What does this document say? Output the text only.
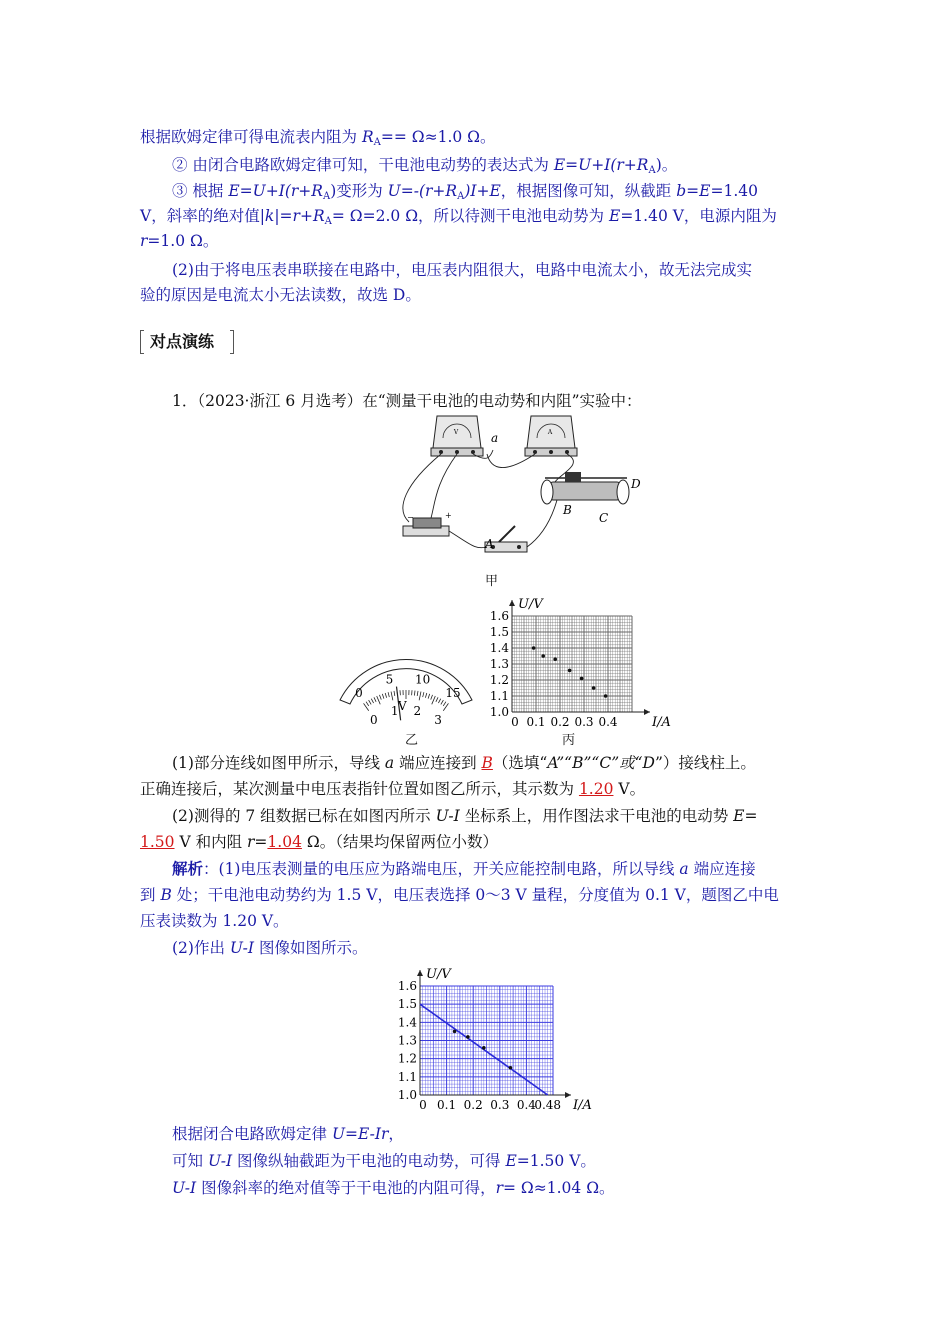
根据欧姆定律可得电流表内阻为 $R_A== \Omega\approx 1.0$ Ω。
② 由闭合电路欧姆定律可知，干电池电动势的表达式为 $E=U+I(r+R_A)$。
③ 根据 $E=U+I(r+R_A)$变形为 $U=-(r+R_A)I+E$，根据图像可知，纵截距 b=E=1.40
V，斜率的绝对值$|k|=r+R_A= \Omega=2.0$ Ω，所以待测干电池电动势为 E=1.40 V，电源内阻为
r=1.0 Ω。
(2)由于将电压表串联接在电路中，电压表内阻很大，电路中电流太小，故无法完成实
验的原因是电流太小无法读数，故选 D。
对点演练
1．（2023·浙江 6 月选考）在“测量干电池的电动势和内阻”实验中：
V	A
−	+
a
A
B
C
D
甲
0
5 10
15
0
1 2
3
V
乙
1.1
1.2
1.3
1.4
1.5
1.6
1.0
0 0.1 0.2 0.3 0.4	I/A
U/V
丙
(1)部分连线如图甲所示，导线 a 端应连接到 B（选填“A”“B”“C”或“D”）接线柱上。
正确连接后，某次测量中电压表指针位置如图乙所示，其示数为 1.20 V。
(2)测得的 7 组数据已标在如图丙所示 U-I 坐标系上，用作图法求干电池的电动势 E=
1.50 V 和内阻 r=1.04 Ω。（结果均保留两位小数）
解析：(1)电压表测量的电压应为路端电压，开关应能控制电路，所以导线 a 端应连接
到 B 处；干电池电动势约为 1.5 V，电压表选择 0～3 V 量程，分度值为 0.1 V，题图乙中电
压表读数为 1.20 V。
(2)作出 U-I 图像如图所示。
1.1
1.2
1.3
1.4
1.5
1.6
1.0
0 0.1 0.2 0.3 0.4
0.48 I/A
U/V
根据闭合电路欧姆定律 U=E-Ir，
可知 U-I 图像纵轴截距为干电池的电动势，可得 E=1.50 V。
U-I 图像斜率的绝对值等于干电池的内阻可得，r= Ω≈1.04 Ω。
